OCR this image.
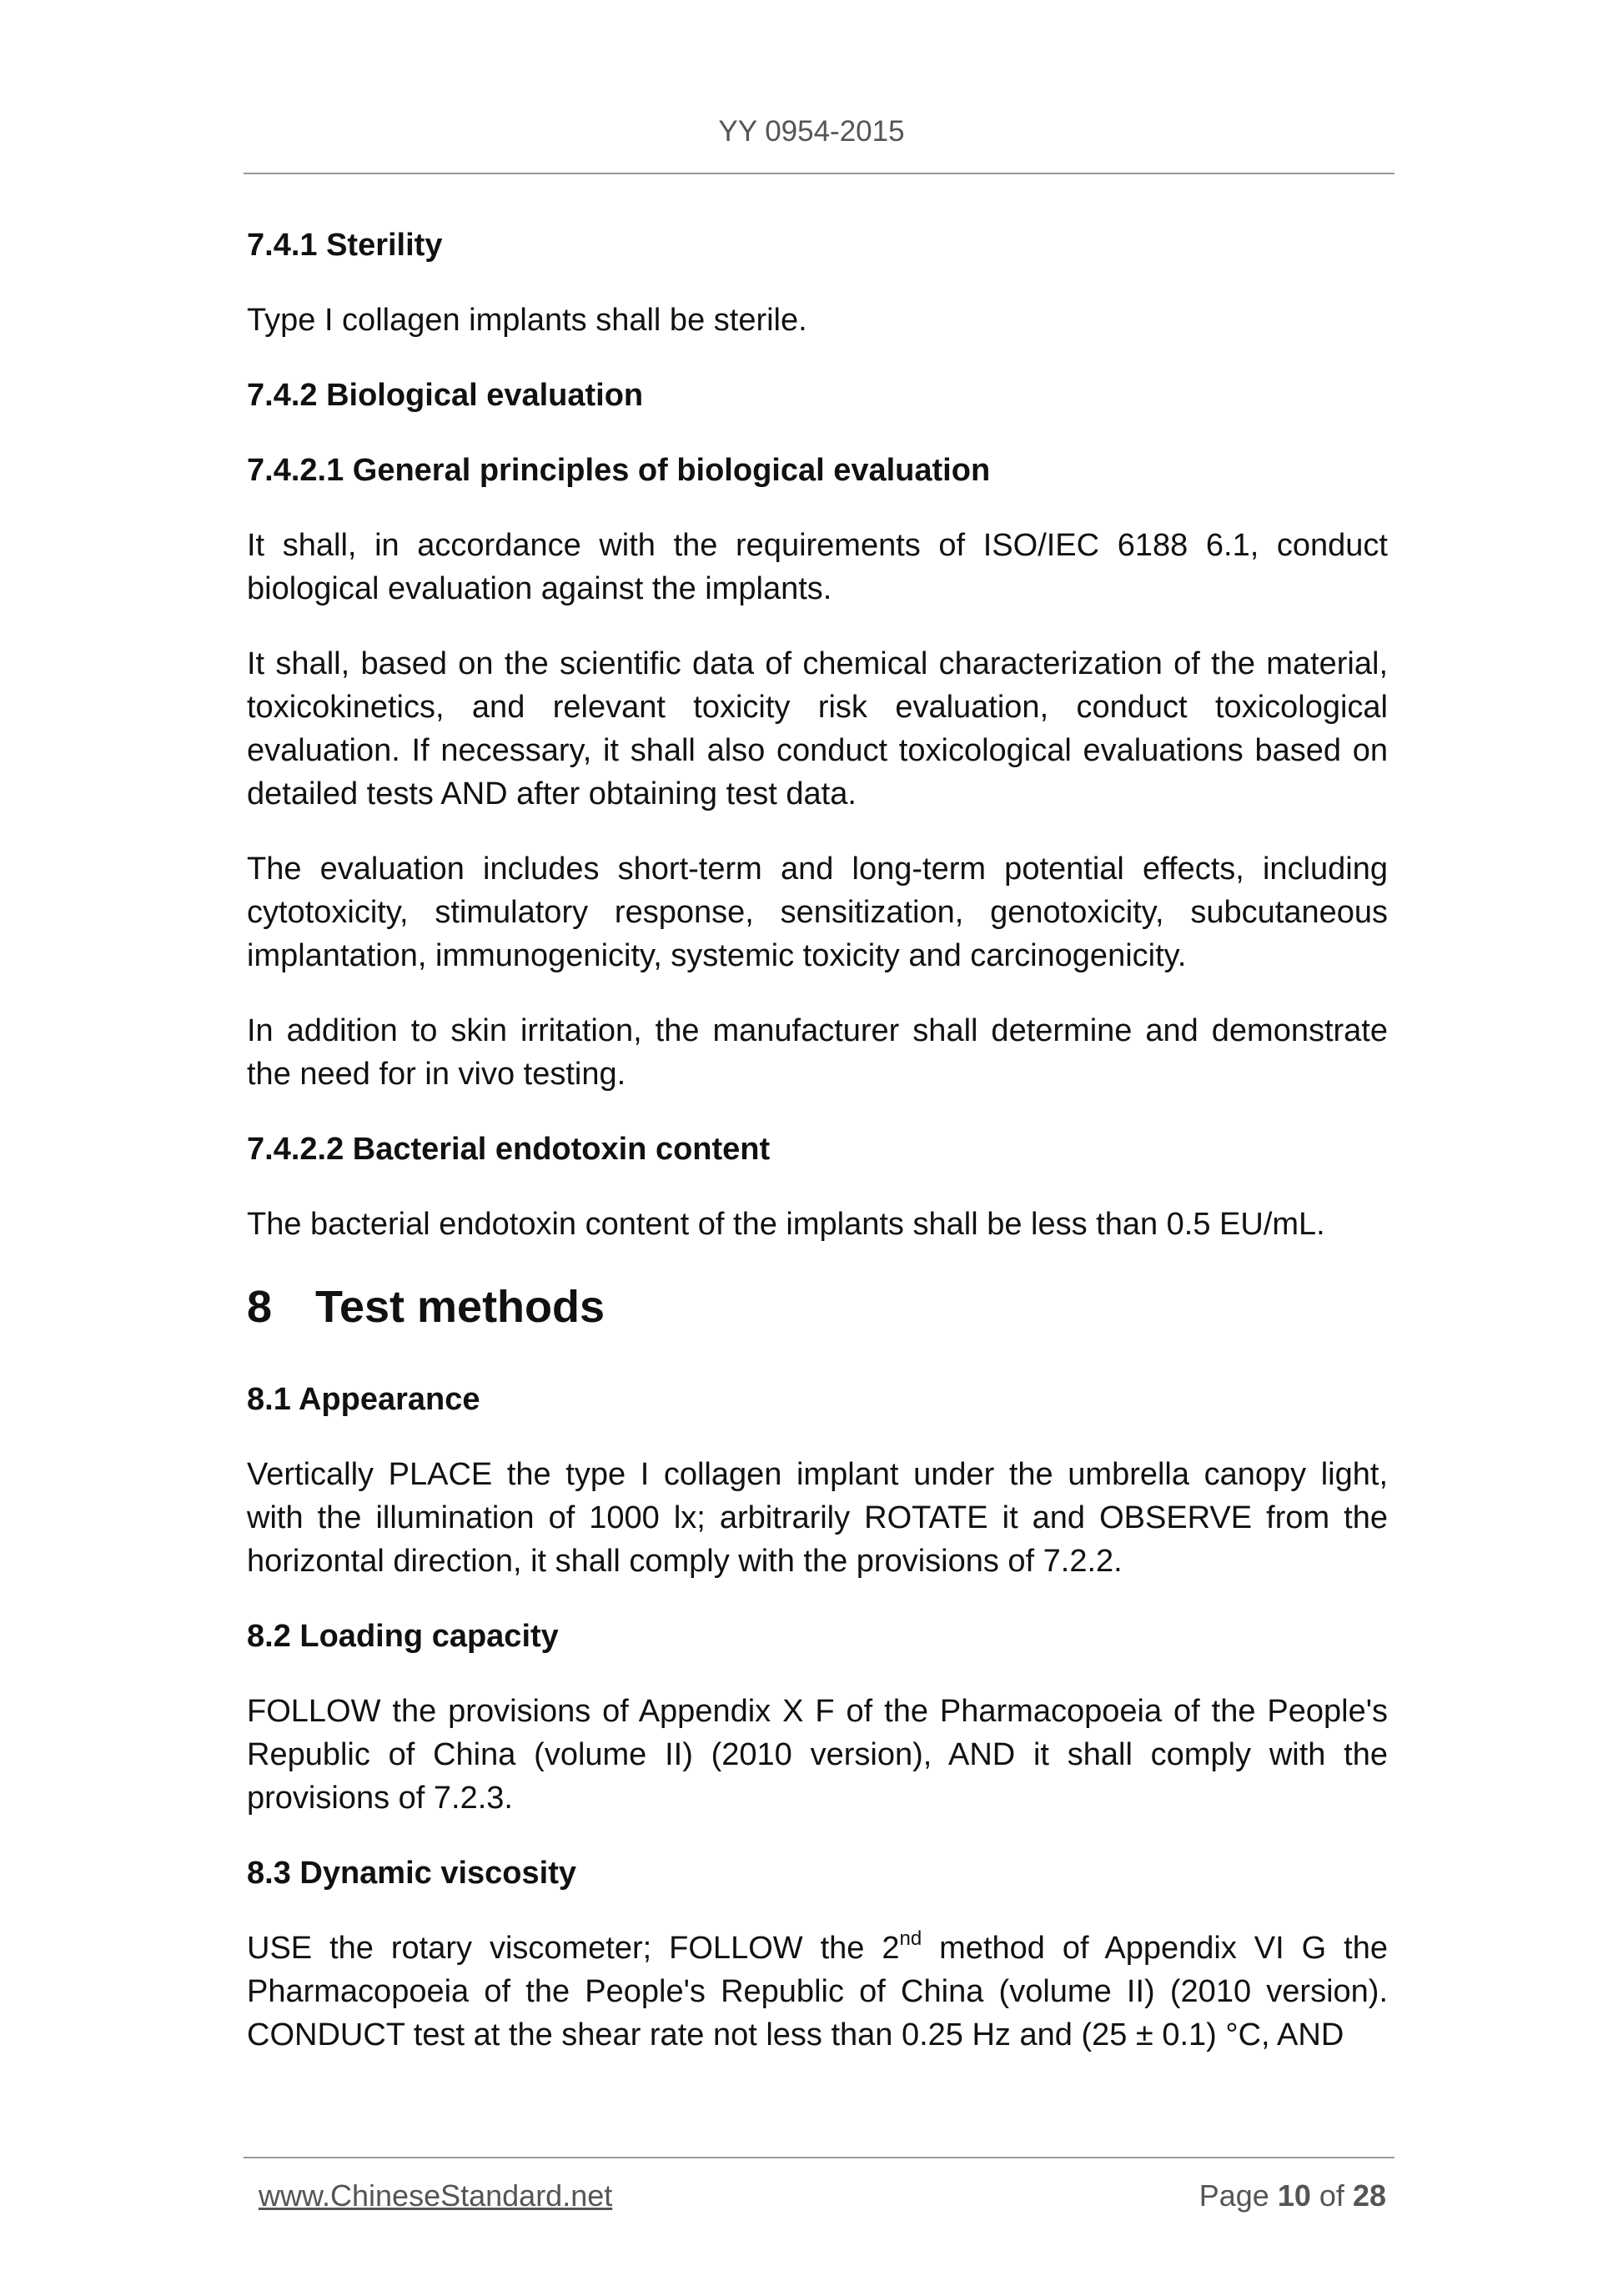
YY 0954-2015
7.4.1 Sterility
Type I collagen implants shall be sterile.
7.4.2 Biological evaluation
7.4.2.1 General principles of biological evaluation
It shall, in accordance with the requirements of ISO/IEC 6188 6.1, conduct biological evaluation against the implants.
It shall, based on the scientific data of chemical characterization of the material, toxicokinetics, and relevant toxicity risk evaluation, conduct toxicological evaluation. If necessary, it shall also conduct toxicological evaluations based on detailed tests AND after obtaining test data.
The evaluation includes short-term and long-term potential effects, including cytotoxicity, stimulatory response, sensitization, genotoxicity, subcutaneous implantation, immunogenicity, systemic toxicity and carcinogenicity.
In addition to skin irritation, the manufacturer shall determine and demonstrate the need for in vivo testing.
7.4.2.2 Bacterial endotoxin content
The bacterial endotoxin content of the implants shall be less than 0.5 EU/mL.
8 Test methods
8.1 Appearance
Vertically PLACE the type I collagen implant under the umbrella canopy light, with the illumination of 1000 lx; arbitrarily ROTATE it and OBSERVE from the horizontal direction, it shall comply with the provisions of 7.2.2.
8.2 Loading capacity
FOLLOW the provisions of Appendix X F of the Pharmacopoeia of the People's Republic of China (volume II) (2010 version), AND it shall comply with the provisions of 7.2.3.
8.3 Dynamic viscosity
USE the rotary viscometer; FOLLOW the 2nd method of Appendix VI G the Pharmacopoeia of the People's Republic of China (volume II) (2010 version). CONDUCT test at the shear rate not less than 0.25 Hz and (25 ± 0.1) °C, AND
www.ChineseStandard.net	Page 10 of 28
